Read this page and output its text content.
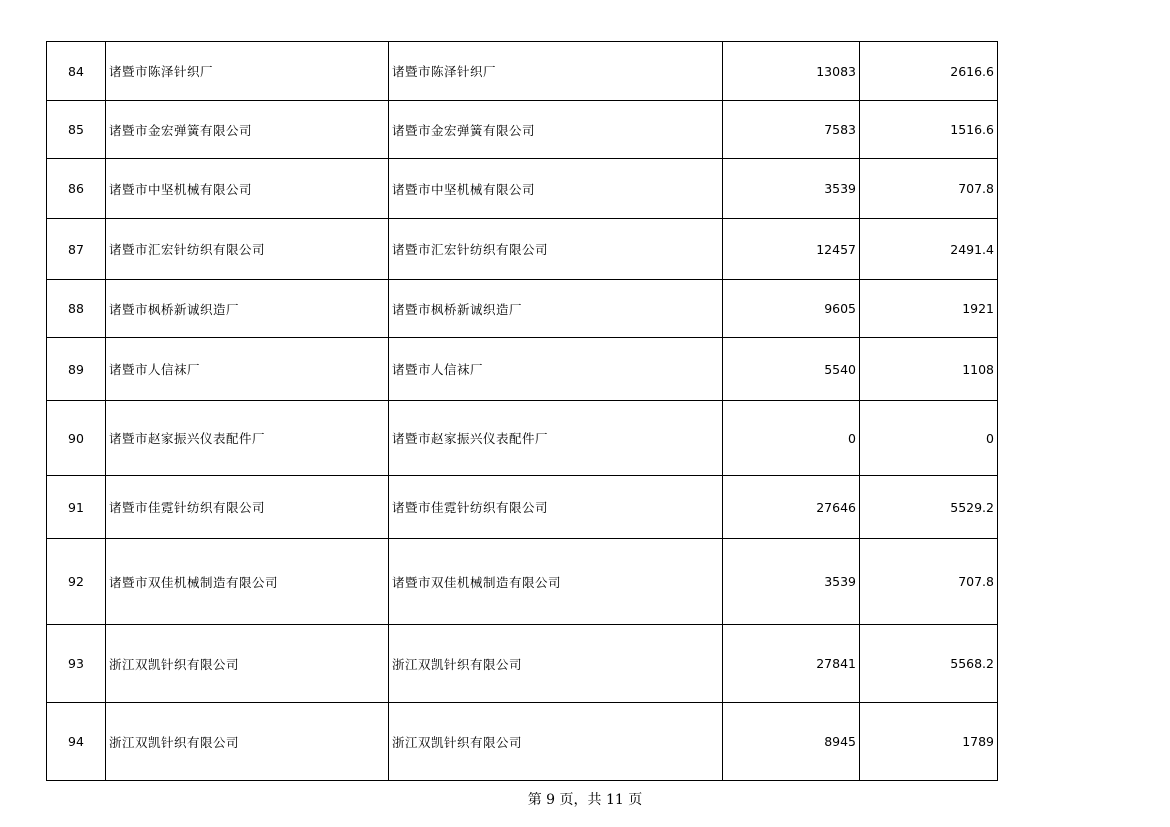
84	诸暨市陈泽针织厂	诸暨市陈泽针织厂	13083	2616.6
85	诸暨市金宏弹簧有限公司	诸暨市金宏弹簧有限公司	7583	1516.6
86	诸暨市中坚机械有限公司	诸暨市中坚机械有限公司	3539	707.8
87	诸暨市汇宏针纺织有限公司	诸暨市汇宏针纺织有限公司	12457	2491.4
88	诸暨市枫桥新诚织造厂	诸暨市枫桥新诚织造厂	9605	1921
89	诸暨市人信袜厂	诸暨市人信袜厂	5540	1108
90	诸暨市赵家振兴仪表配件厂	诸暨市赵家振兴仪表配件厂	0	0
91	诸暨市佳霓针纺织有限公司	诸暨市佳霓针纺织有限公司	27646	5529.2
92	诸暨市双佳机械制造有限公司	诸暨市双佳机械制造有限公司	3539	707.8
93	浙江双凯针织有限公司	浙江双凯针织有限公司	27841	5568.2
94	浙江双凯针织有限公司	浙江双凯针织有限公司	8945	1789
第 9 页，共 11 页
